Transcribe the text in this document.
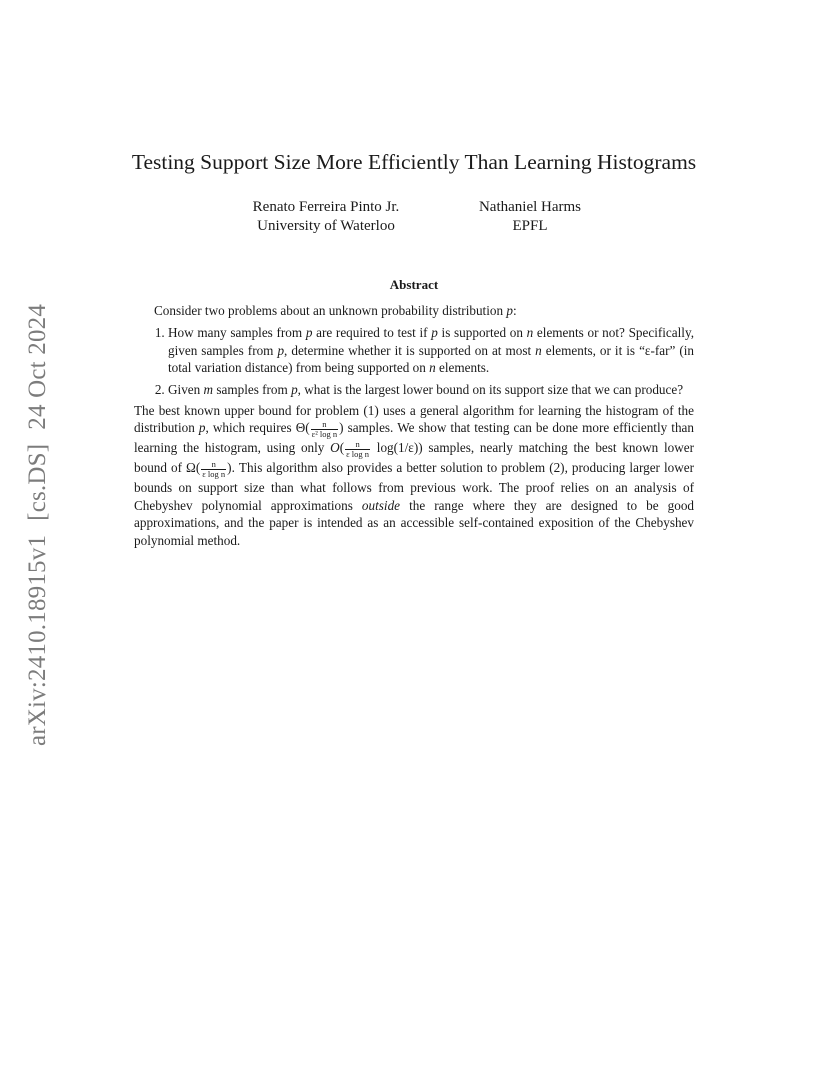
arXiv:2410.18915v1[cs.DS]24 Oct 2024
Testing Support Size More Efficiently Than Learning Histograms
Renato Ferreira Pinto Jr.
University of Waterloo
Nathaniel Harms
EPFL
Abstract

Consider two problems about an unknown probability distribution p:

1. How many samples from p are required to test if p is supported on n elements or not? Specifically, given samples from p, determine whether it is supported on at most n elements, or it is “ε-far” (in total variation distance) from being supported on n elements.
2. Given m samples from p, what is the largest lower bound on its support size that we can produce?

The best known upper bound for problem (1) uses a general algorithm for learning the histogram of the distribution p, which requires $\Theta( \frac{n}{\text{ε² log n}}$ ) samples. We show that testing can be done more efficiently than learning the histogram, using only $O( \frac{n}{\text{ε log n}} \log(1/\varepsilon))$ samples, nearly matching the best known lower bound of $\Omega( \frac{n}{\text{ε log n}}$ ). This algorithm also provides a better solution to problem (2), producing larger lower bounds on support size than what follows from previous work. The proof relies on an analysis of Chebyshev polynomial approximations outside the range where they are designed to be good approximations, and the paper is intended as an accessible self-contained exposition of the Chebyshev polynomial method.
